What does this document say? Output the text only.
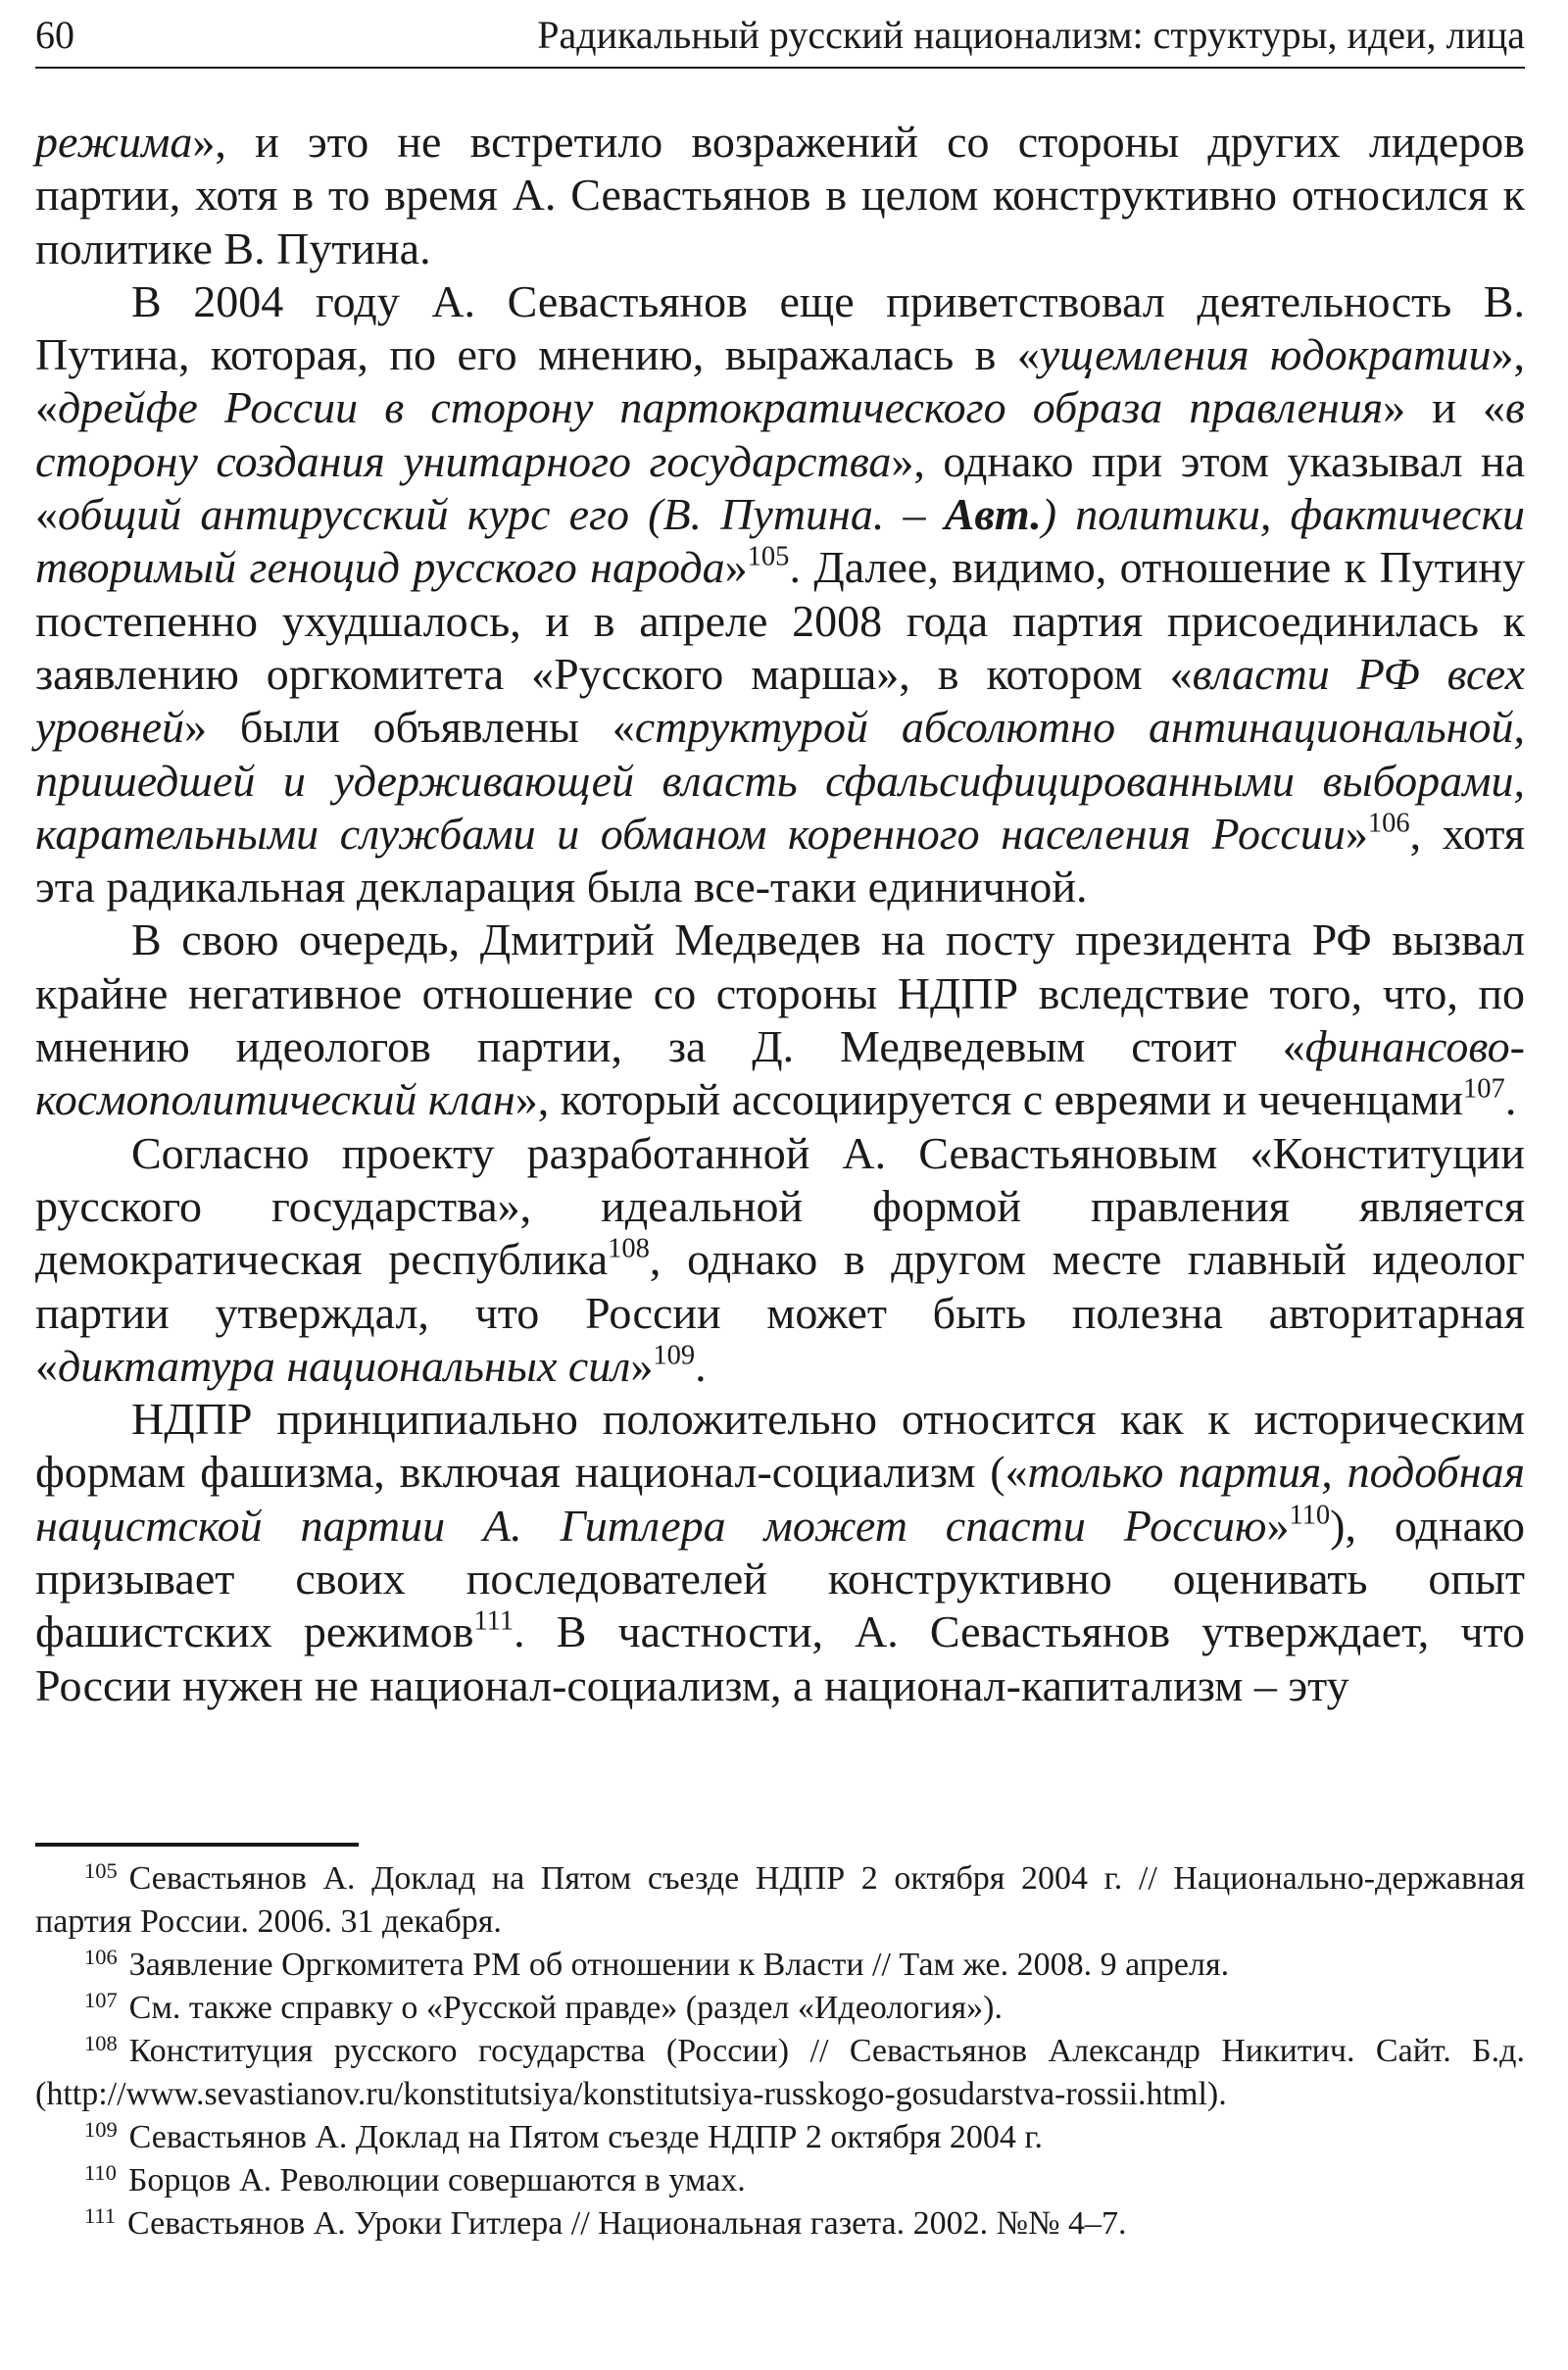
60	Радикальный русский национализм: структуры, идеи, лица

режима», и это не встретило возражений со стороны других лидеров партии, хотя в то время А. Севастьянов в целом конструктивно относился к политике В. Путина.

В 2004 году А. Севастьянов еще приветствовал деятельность В. Путина, которая, по его мнению, выражалась в «ущемления юдократии», «дрейфе России в сторону партократического образа правления» и «в сторону создания унитарного государства», однако при этом указывал на «общий антирусский курс его (В. Путина. – Авт.) политики, фактически творимый геноцид русского народа»$^{105}$. Далее, видимо, отношение к Путину постепенно ухудшалось, и в апреле 2008 года партия присоединилась к заявлению оргкомитета «Русского марша», в котором «власти РФ всех уровней» были объявлены «структурой абсолютно антинациональной, пришедшей и удерживающей власть сфальсифицированными выборами, карательными службами и обманом коренного населения России»$^{106}$, хотя эта радикальная декларация была все-таки единичной.

В свою очередь, Дмитрий Медведев на посту президента РФ вызвал крайне негативное отношение со стороны НДПР вследствие того, что, по мнению идеологов партии, за Д. Медведевым стоит «финансово-космополитический клан», который ассоциируется с евреями и чеченцами$^{107}$.

Согласно проекту разработанной А. Севастьяновым «Конституции русского государства», идеальной формой правления является демократическая республика$^{108}$, однако в другом месте главный идеолог партии утверждал, что России может быть полезна авторитарная «диктатура национальных сил»$^{109}$.

НДПР принципиально положительно относится как к историческим формам фашизма, включая национал-социализм («только партия, подобная нацистской партии А. Гитлера может спасти Россию»$^{110}$), однако призывает своих последователей конструктивно оценивать опыт фашистских режимов$^{111}$. В частности, А. Севастьянов утверждает, что России нужен не национал-социализм, а национал-капитализм – эту

$^{105}$ Севастьянов А. Доклад на Пятом съезде НДПР 2 октября 2004 г. // Национально-державная партия России. 2006. 31 декабря.

$^{106}$ Заявление Оргкомитета РМ об отношении к Власти // Там же. 2008. 9 апреля.

$^{107}$ См. также справку о «Русской правде» (раздел «Идеология»).

$^{108}$ Конституция русского государства (России) // Севастьянов Александр Никитич. Сайт. Б.д. (http://www.sevastianov.ru/konstitutsiya/konstitutsiya-russkogo-gosudarstva-rossii.html).

$^{109}$ Севастьянов А. Доклад на Пятом съезде НДПР 2 октября 2004 г.

$^{110}$ Борцов А. Революции совершаются в умах.

$^{111}$ Севастьянов А. Уроки Гитлера // Национальная газета. 2002. №№ 4–7.
